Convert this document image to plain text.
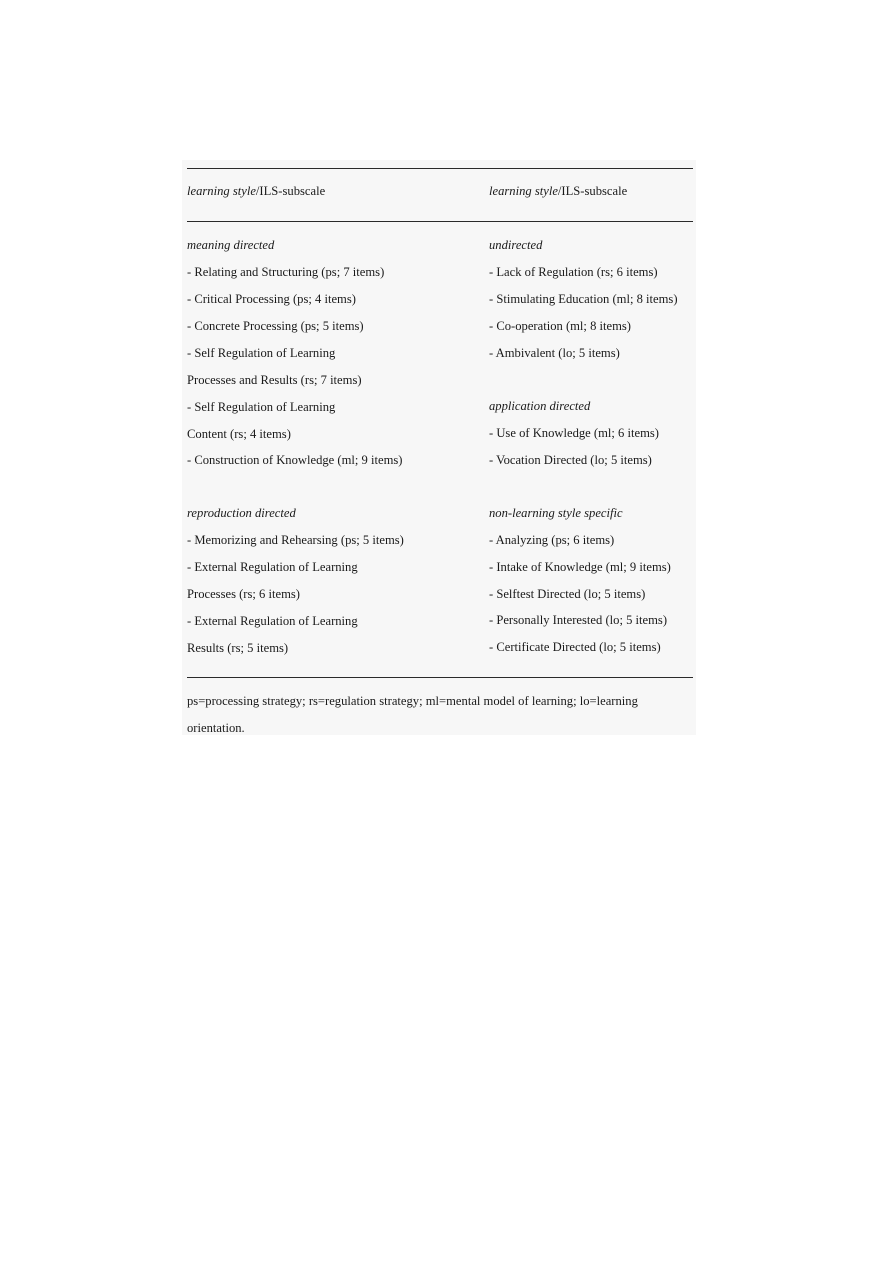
learning style/ILS-subscale	learning style/ILS-subscale
meaning directed
- Relating and Structuring (ps; 7 items)
- Critical Processing (ps; 4 items)
- Concrete Processing (ps; 5 items)
- Self Regulation of Learning
Processes and Results (rs; 7 items)
- Self Regulation of Learning
Content (rs; 4 items)
- Construction of Knowledge (ml; 9 items)
reproduction directed
- Memorizing and Rehearsing (ps; 5 items)
- External Regulation of Learning
Processes (rs; 6 items)
- External Regulation of Learning
Results (rs; 5 items)
undirected
- Lack of Regulation (rs; 6 items)
- Stimulating Education (ml; 8 items)
- Co-operation (ml; 8 items)
- Ambivalent (lo; 5 items)
application directed
- Use of Knowledge (ml; 6 items)
- Vocation Directed (lo; 5 items)
non-learning style specific
- Analyzing (ps; 6 items)
- Intake of Knowledge (ml; 9 items)
- Selftest Directed (lo; 5 items)
- Personally Interested (lo; 5 items)
- Certificate Directed (lo; 5 items)
ps=processing strategy; rs=regulation strategy; ml=mental model of learning; lo=learning
orientation.
